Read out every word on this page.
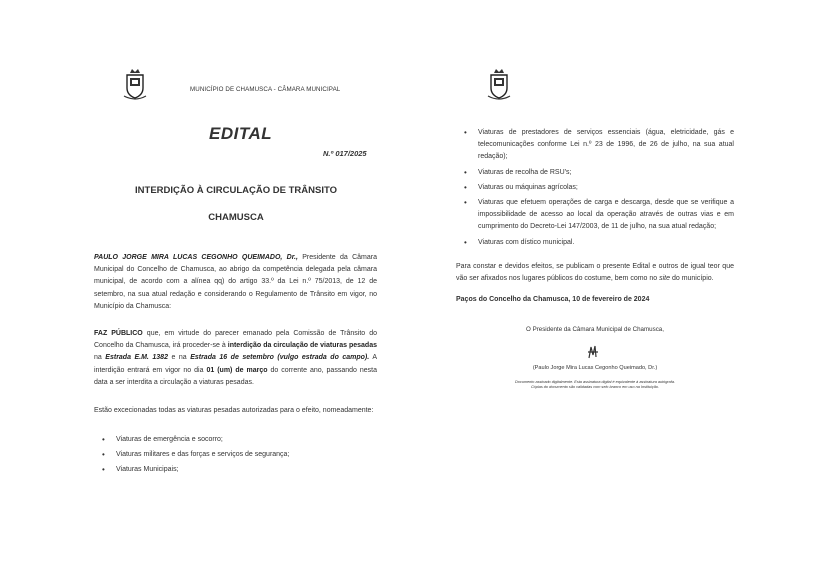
MUNICÍPIO DE CHAMUSCA - CÂMARA MUNICIPAL
EDITAL
N.º 017/2025
INTERDIÇÃO À CIRCULAÇÃO DE TRÂNSITO
CHAMUSCA
PAULO JORGE MIRA LUCAS CEGONHO QUEIMADO, Dr., Presidente da Câmara Municipal do Concelho de Chamusca, ao abrigo da competência delegada pela câmara municipal, de acordo com a alínea qq) do artigo 33.º da Lei n.º 75/2013, de 12 de setembro, na sua atual redação e considerando o Regulamento de Trânsito em vigor, no Município da Chamusca:
FAZ PÚBLICO que, em virtude do parecer emanado pela Comissão de Trânsito do Concelho da Chamusca, irá proceder-se à interdição da circulação de viaturas pesadas na Estrada E.M. 1382 e na Estrada 16 de setembro (vulgo estrada do campo). A interdição entrará em vigor no dia 01 (um) de março do corrente ano, passando nesta data a ser interdita a circulação a viaturas pesadas.
Estão excecionadas todas as viaturas pesadas autorizadas para o efeito, nomeadamente:
• Viaturas de emergência e socorro;
• Viaturas militares e das forças e serviços de segurança;
• Viaturas Municipais;
• Viaturas de prestadores de serviços essenciais (água, eletricidade, gás e telecomunicações conforme Lei n.º 23 de 1996, de 26 de julho, na sua atual redação);
• Viaturas de recolha de RSU's;
• Viaturas ou máquinas agrícolas;
• Viaturas que efetuem operações de carga e descarga, desde que se verifique a impossibilidade de acesso ao local da operação através de outras vias e em cumprimento do Decreto-Lei 147/2003, de 11 de julho, na sua atual redação;
• Viaturas com dístico municipal.
Para constar e devidos efeitos, se publicam o presente Edital e outros de igual teor que vão ser afixados nos lugares públicos do costume, bem como no site do município.
Paços do Concelho da Chamusca, 10 de fevereiro de 2024
O Presidente da Câmara Municipal de Chamusca,
(Paulo Jorge Mira Lucas Cegonho Queimado, Dr.)
Documento assinado digitalmente. Esta assinatura digital é equivalente à assinatura autógrafa.
Cópias do documento são validadas com selo branco em uso na Instituição.
